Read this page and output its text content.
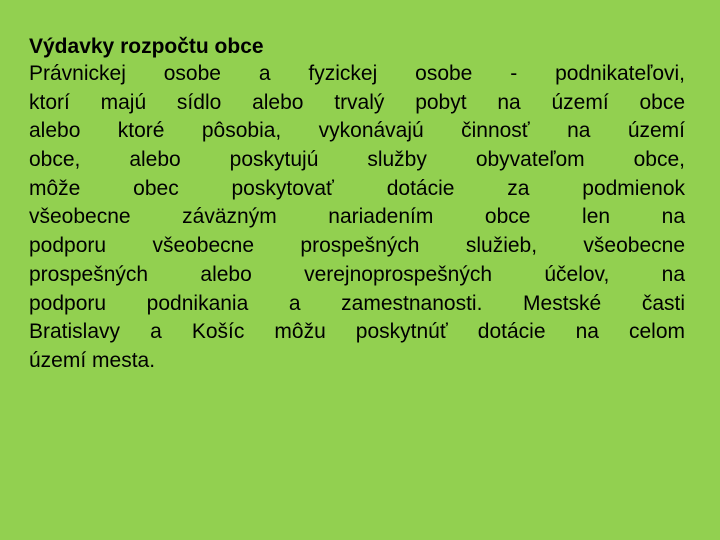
Výdavky rozpočtu obce
Právnickej osobe a fyzickej osobe - podnikateľovi,
ktorí majú sídlo alebo trvalý pobyt na území obce
alebo ktoré pôsobia, vykonávajú činnosť na území
obce, alebo poskytujú služby obyvateľom obce,
môže obec poskytovať dotácie za podmienok
všeobecne záväzným nariadením obce len na
podporu všeobecne prospešných služieb, všeobecne
prospešných alebo verejnoprospešných účelov, na
podporu podnikania a zamestnanosti. Mestské časti
Bratislavy a Košíc môžu poskytnúť dotácie na celom
území mesta.
